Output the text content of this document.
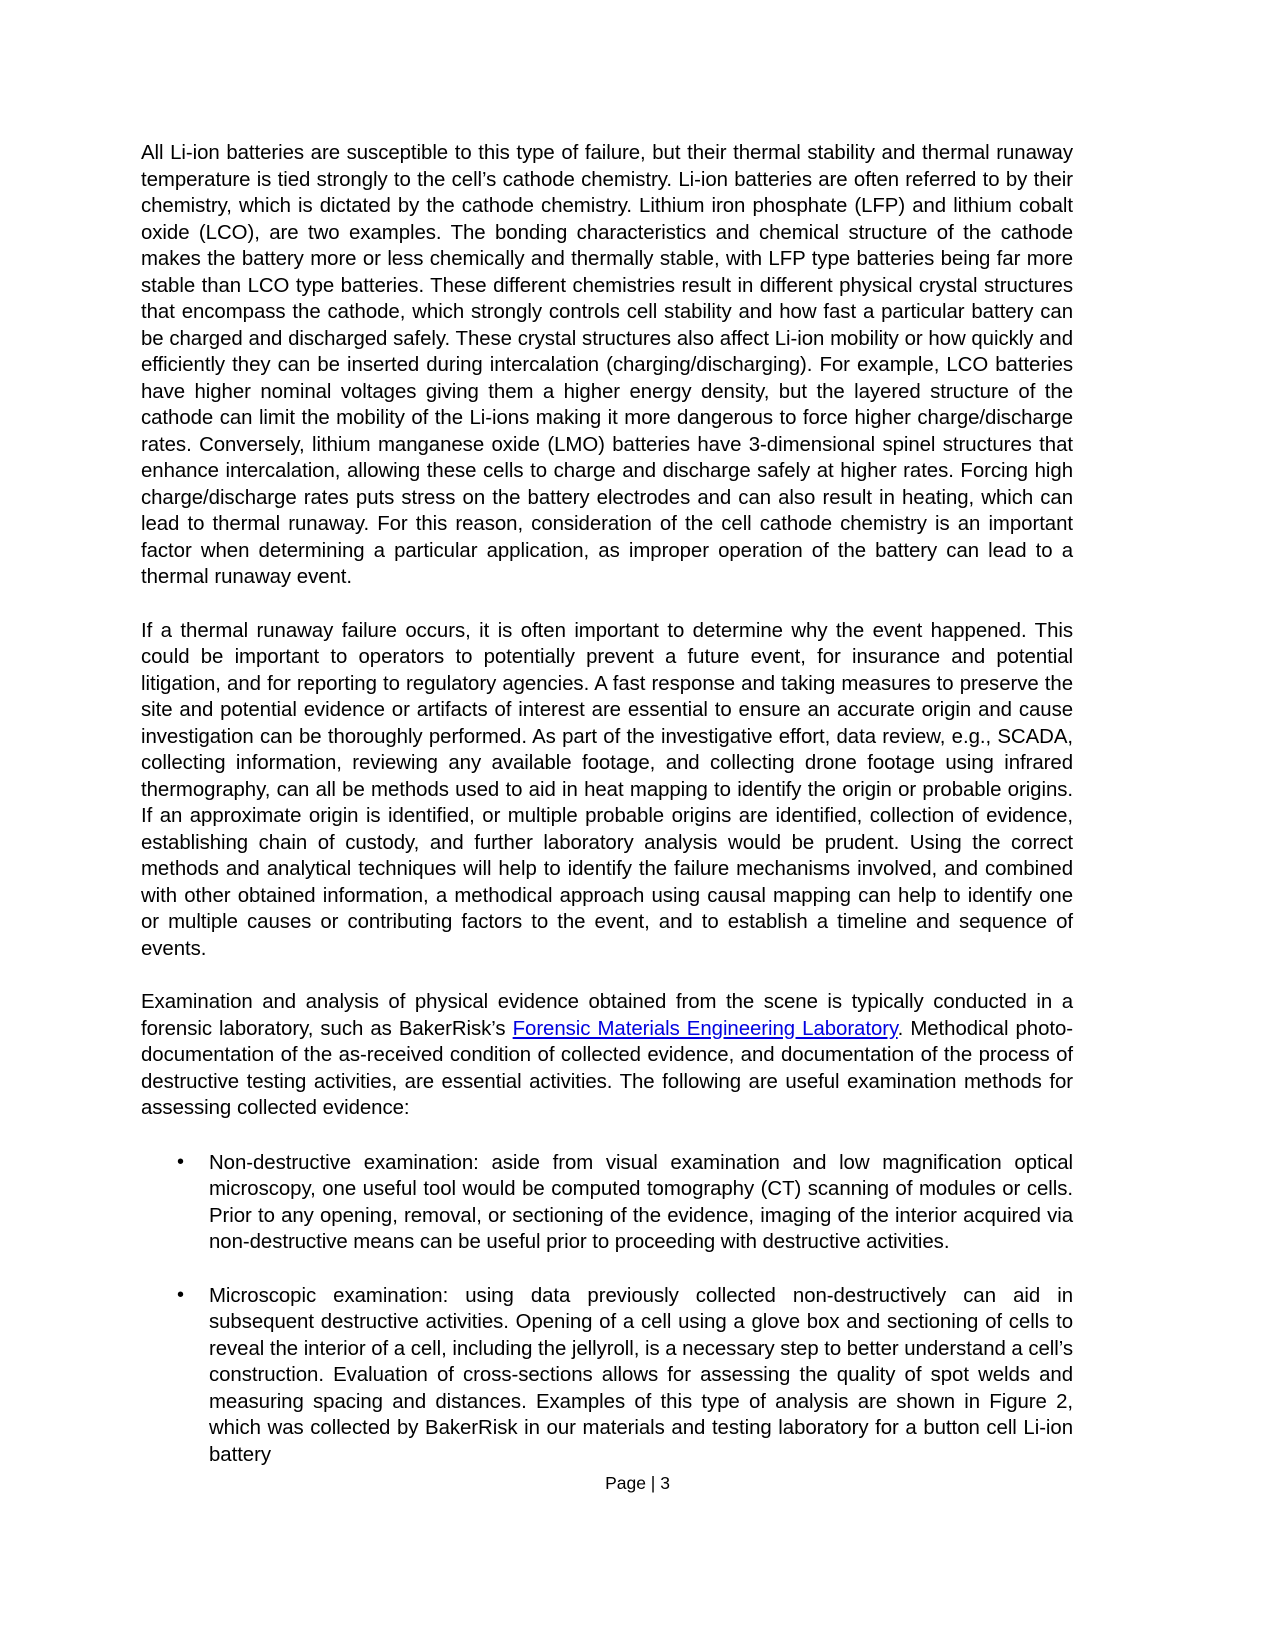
All Li-ion batteries are susceptible to this type of failure, but their thermal stability and thermal runaway temperature is tied strongly to the cell’s cathode chemistry. Li-ion batteries are often referred to by their chemistry, which is dictated by the cathode chemistry. Lithium iron phosphate (LFP) and lithium cobalt oxide (LCO), are two examples. The bonding characteristics and chemical structure of the cathode makes the battery more or less chemically and thermally stable, with LFP type batteries being far more stable than LCO type batteries. These different chemistries result in different physical crystal structures that encompass the cathode, which strongly controls cell stability and how fast a particular battery can be charged and discharged safely. These crystal structures also affect Li-ion mobility or how quickly and efficiently they can be inserted during intercalation (charging/discharging). For example, LCO batteries have higher nominal voltages giving them a higher energy density, but the layered structure of the cathode can limit the mobility of the Li-ions making it more dangerous to force higher charge/discharge rates. Conversely, lithium manganese oxide (LMO) batteries have 3-dimensional spinel structures that enhance intercalation, allowing these cells to charge and discharge safely at higher rates. Forcing high charge/discharge rates puts stress on the battery electrodes and can also result in heating, which can lead to thermal runaway. For this reason, consideration of the cell cathode chemistry is an important factor when determining a particular application, as improper operation of the battery can lead to a thermal runaway event.

If a thermal runaway failure occurs, it is often important to determine why the event happened. This could be important to operators to potentially prevent a future event, for insurance and potential litigation, and for reporting to regulatory agencies. A fast response and taking measures to preserve the site and potential evidence or artifacts of interest are essential to ensure an accurate origin and cause investigation can be thoroughly performed. As part of the investigative effort, data review, e.g., SCADA, collecting information, reviewing any available footage, and collecting drone footage using infrared thermography, can all be methods used to aid in heat mapping to identify the origin or probable origins. If an approximate origin is identified, or multiple probable origins are identified, collection of evidence, establishing chain of custody, and further laboratory analysis would be prudent. Using the correct methods and analytical techniques will help to identify the failure mechanisms involved, and combined with other obtained information, a methodical approach using causal mapping can help to identify one or multiple causes or contributing factors to the event, and to establish a timeline and sequence of events.

Examination and analysis of physical evidence obtained from the scene is typically conducted in a forensic laboratory, such as BakerRisk’s Forensic Materials Engineering Laboratory. Methodical photo-documentation of the as-received condition of collected evidence, and documentation of the process of destructive testing activities, are essential activities. The following are useful examination methods for assessing collected evidence:

• Non-destructive examination: aside from visual examination and low magnification optical microscopy, one useful tool would be computed tomography (CT) scanning of modules or cells. Prior to any opening, removal, or sectioning of the evidence, imaging of the interior acquired via non-destructive means can be useful prior to proceeding with destructive activities.
• Microscopic examination: using data previously collected non-destructively can aid in subsequent destructive activities. Opening of a cell using a glove box and sectioning of cells to reveal the interior of a cell, including the jellyroll, is a necessary step to better understand a cell’s construction. Evaluation of cross-sections allows for assessing the quality of spot welds and measuring spacing and distances. Examples of this type of analysis are shown in Figure 2, which was collected by BakerRisk in our materials and testing laboratory for a button cell Li-ion battery
Page | 3
